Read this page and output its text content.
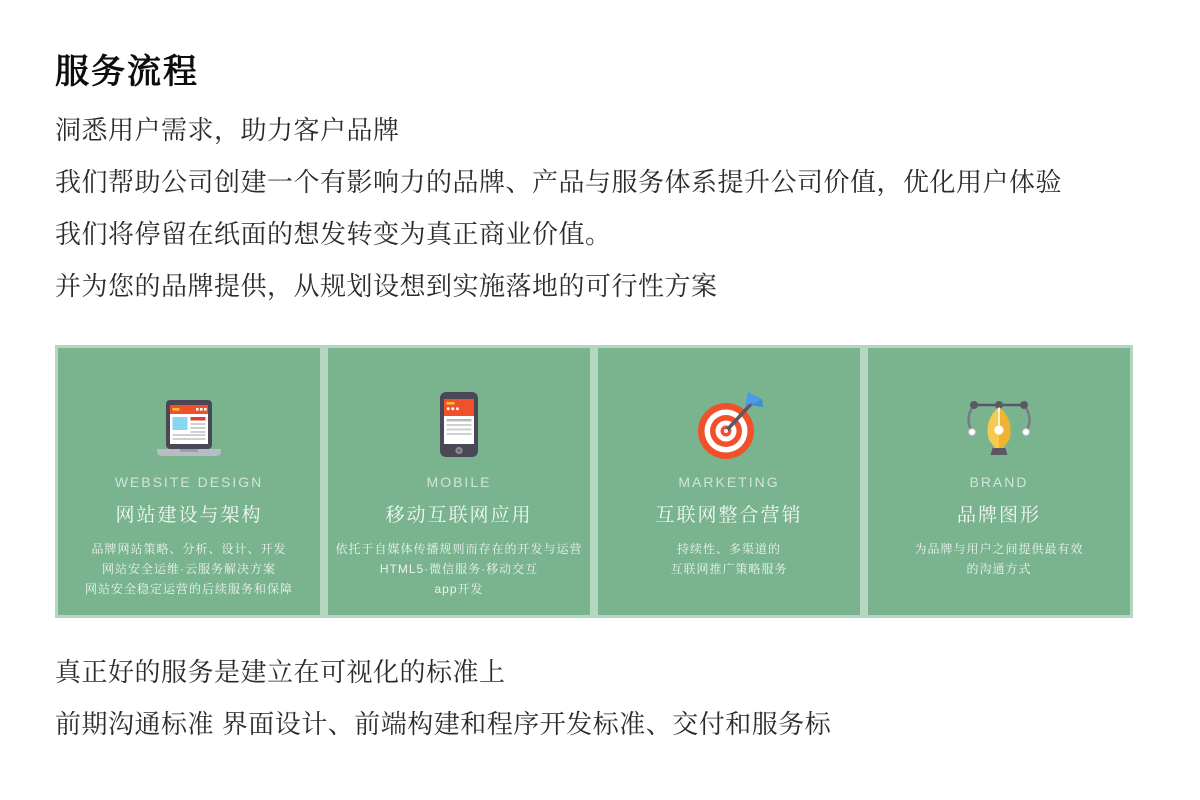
服务流程
洞悉用户需求，助力客户品牌
我们帮助公司创建一个有影响力的品牌、产品与服务体系提升公司价值，优化用户体验
我们将停留在纸面的想发转变为真正商业价值。
并为您的品牌提供，从规划设想到实施落地的可行性方案
WEBSITE DESIGN
网站建设与架构
品牌网站策略、分析、设计、开发
网站安全运维·云服务解决方案
网站安全稳定运营的后续服务和保障
MOBILE
移动互联网应用
依托于自媒体传播规则而存在的开发与运营
HTML5·微信服务·移动交互
app开发
MARKETING
互联网整合营销
持续性、多渠道的
互联网推广策略服务
BRAND
品牌图形
为品牌与用户之间提供最有效
的沟通方式
真正好的服务是建立在可视化的标准上
前期沟通标准 界面设计、前端构建和程序开发标准、交付和服务标
